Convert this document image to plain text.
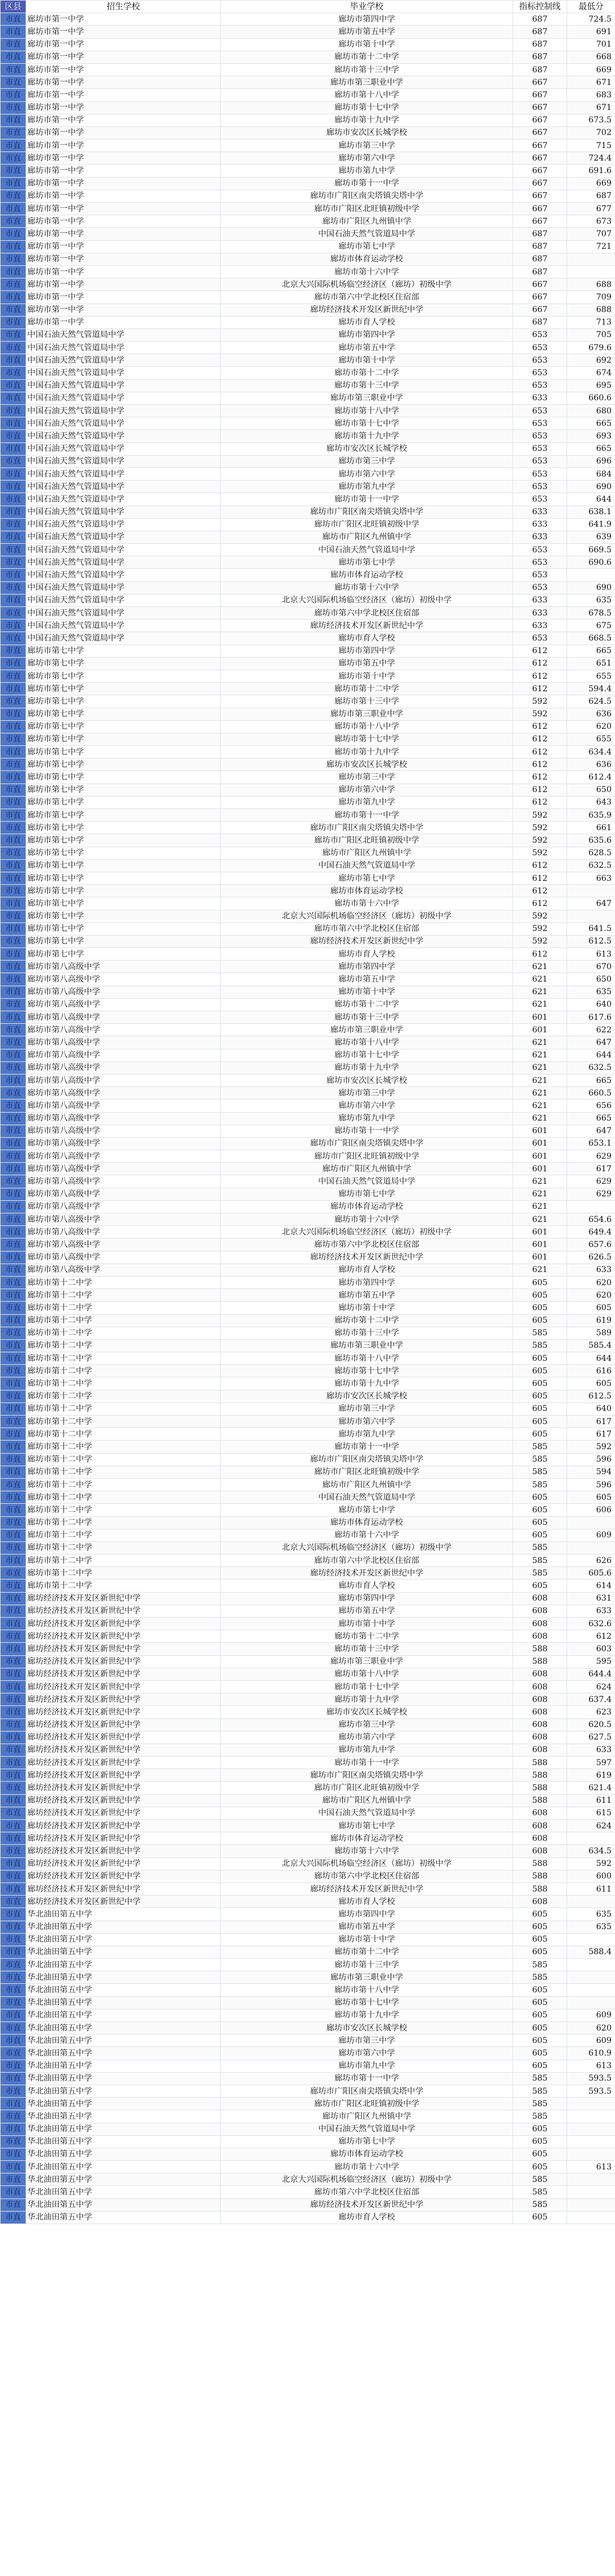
区县	招生学校	毕业学校	指标控制线	最低分
市直	廊坊市第一中学	廊坊市第四中学	687	724.5
市直	廊坊市第一中学	廊坊市第五中学	687	691
市直	廊坊市第一中学	廊坊市第十中学	687	701
市直	廊坊市第一中学	廊坊市第十二中学	687	668
市直	廊坊市第一中学	廊坊市第十三中学	687	669
市直	廊坊市第一中学	廊坊市第三职业中学	667	671
市直	廊坊市第一中学	廊坊市第十八中学	667	683
市直	廊坊市第一中学	廊坊市第十七中学	667	671
市直	廊坊市第一中学	廊坊市第十九中学	667	673.5
市直	廊坊市第一中学	廊坊市安次区长城学校	667	702
市直	廊坊市第一中学	廊坊市第三中学	667	715
市直	廊坊市第一中学	廊坊市第六中学	667	724.4
市直	廊坊市第一中学	廊坊市第九中学	667	691.6
市直	廊坊市第一中学	廊坊市第十一中学	667	669
市直	廊坊市第一中学	廊坊市广阳区南尖塔镇尖塔中学	667	687
市直	廊坊市第一中学	廊坊市广阳区北旺镇初级中学	667	677
市直	廊坊市第一中学	廊坊市广阳区九州镇中学	667	673
市直	廊坊市第一中学	中国石油天然气管道局中学	687	707
市直	廊坊市第一中学	廊坊市第七中学	687	721
市直	廊坊市第一中学	廊坊市体育运动学校	687	
市直	廊坊市第一中学	廊坊市第十六中学	687	
市直	廊坊市第一中学	北京大兴国际机场临空经济区（廊坊）初级中学	667	688
市直	廊坊市第一中学	廊坊市第六中学北校区住宿部	667	709
市直	廊坊市第一中学	廊坊经济技术开发区新世纪中学	667	688
市直	廊坊市第一中学	廊坊市育人学校	687	713
市直	中国石油天然气管道局中学	廊坊市第四中学	653	705
市直	中国石油天然气管道局中学	廊坊市第五中学	653	679.6
市直	中国石油天然气管道局中学	廊坊市第十中学	653	692
市直	中国石油天然气管道局中学	廊坊市第十二中学	653	674
市直	中国石油天然气管道局中学	廊坊市第十三中学	653	695
市直	中国石油天然气管道局中学	廊坊市第三职业中学	633	660.6
市直	中国石油天然气管道局中学	廊坊市第十八中学	653	680
市直	中国石油天然气管道局中学	廊坊市第十七中学	653	665
市直	中国石油天然气管道局中学	廊坊市第十九中学	653	693
市直	中国石油天然气管道局中学	廊坊市安次区长城学校	653	665
市直	中国石油天然气管道局中学	廊坊市第三中学	653	696
市直	中国石油天然气管道局中学	廊坊市第六中学	653	684
市直	中国石油天然气管道局中学	廊坊市第九中学	653	690
市直	中国石油天然气管道局中学	廊坊市第十一中学	653	644
市直	中国石油天然气管道局中学	廊坊市广阳区南尖塔镇尖塔中学	633	638.1
市直	中国石油天然气管道局中学	廊坊市广阳区北旺镇初级中学	633	641.9
市直	中国石油天然气管道局中学	廊坊市广阳区九州镇中学	633	639
市直	中国石油天然气管道局中学	中国石油天然气管道局中学	653	669.5
市直	中国石油天然气管道局中学	廊坊市第七中学	653	690.6
市直	中国石油天然气管道局中学	廊坊市体育运动学校	653	
市直	中国石油天然气管道局中学	廊坊市第十六中学	653	690
市直	中国石油天然气管道局中学	北京大兴国际机场临空经济区（廊坊）初级中学	633	635
市直	中国石油天然气管道局中学	廊坊市第六中学北校区住宿部	633	678.5
市直	中国石油天然气管道局中学	廊坊经济技术开发区新世纪中学	633	675
市直	中国石油天然气管道局中学	廊坊市育人学校	653	668.5
市直	廊坊市第七中学	廊坊市第四中学	612	665
市直	廊坊市第七中学	廊坊市第五中学	612	651
市直	廊坊市第七中学	廊坊市第十中学	612	655
市直	廊坊市第七中学	廊坊市第十二中学	612	594.4
市直	廊坊市第七中学	廊坊市第十三中学	592	624.5
市直	廊坊市第七中学	廊坊市第三职业中学	592	636
市直	廊坊市第七中学	廊坊市第十八中学	612	620
市直	廊坊市第七中学	廊坊市第十七中学	612	655
市直	廊坊市第七中学	廊坊市第十九中学	612	634.4
市直	廊坊市第七中学	廊坊市安次区长城学校	612	636
市直	廊坊市第七中学	廊坊市第三中学	612	612.4
市直	廊坊市第七中学	廊坊市第六中学	612	650
市直	廊坊市第七中学	廊坊市第九中学	612	643
市直	廊坊市第七中学	廊坊市第十一中学	592	635.9
市直	廊坊市第七中学	廊坊市广阳区南尖塔镇尖塔中学	592	661
市直	廊坊市第七中学	廊坊市广阳区北旺镇初级中学	592	635.6
市直	廊坊市第七中学	廊坊市广阳区九州镇中学	592	628.5
市直	廊坊市第七中学	中国石油天然气管道局中学	612	632.5
市直	廊坊市第七中学	廊坊市第七中学	612	663
市直	廊坊市第七中学	廊坊市体育运动学校	612	
市直	廊坊市第七中学	廊坊市第十六中学	612	647
市直	廊坊市第七中学	北京大兴国际机场临空经济区（廊坊）初级中学	592	
市直	廊坊市第七中学	廊坊市第六中学北校区住宿部	592	641.5
市直	廊坊市第七中学	廊坊经济技术开发区新世纪中学	592	612.5
市直	廊坊市第七中学	廊坊市育人学校	612	613
市直	廊坊市第八高级中学	廊坊市第四中学	621	670
市直	廊坊市第八高级中学	廊坊市第五中学	621	650
市直	廊坊市第八高级中学	廊坊市第十中学	621	635
市直	廊坊市第八高级中学	廊坊市第十二中学	621	640
市直	廊坊市第八高级中学	廊坊市第十三中学	601	617.6
市直	廊坊市第八高级中学	廊坊市第三职业中学	601	622
市直	廊坊市第八高级中学	廊坊市第十八中学	621	647
市直	廊坊市第八高级中学	廊坊市第十七中学	621	644
市直	廊坊市第八高级中学	廊坊市第十九中学	621	632.5
市直	廊坊市第八高级中学	廊坊市安次区长城学校	621	665
市直	廊坊市第八高级中学	廊坊市第三中学	621	660.5
市直	廊坊市第八高级中学	廊坊市第六中学	621	656
市直	廊坊市第八高级中学	廊坊市第九中学	621	665
市直	廊坊市第八高级中学	廊坊市第十一中学	601	647
市直	廊坊市第八高级中学	廊坊市广阳区南尖塔镇尖塔中学	601	653.1
市直	廊坊市第八高级中学	廊坊市广阳区北旺镇初级中学	601	629
市直	廊坊市第八高级中学	廊坊市广阳区九州镇中学	601	617
市直	廊坊市第八高级中学	中国石油天然气管道局中学	621	629
市直	廊坊市第八高级中学	廊坊市第七中学	621	629
市直	廊坊市第八高级中学	廊坊市体育运动学校	621	
市直	廊坊市第八高级中学	廊坊市第十六中学	621	654.6
市直	廊坊市第八高级中学	北京大兴国际机场临空经济区（廊坊）初级中学	601	649.4
市直	廊坊市第八高级中学	廊坊市第六中学北校区住宿部	601	657.6
市直	廊坊市第八高级中学	廊坊经济技术开发区新世纪中学	601	626.5
市直	廊坊市第八高级中学	廊坊市育人学校	621	633
市直	廊坊市第十二中学	廊坊市第四中学	605	620
市直	廊坊市第十二中学	廊坊市第五中学	605	620
市直	廊坊市第十二中学	廊坊市第十中学	605	605
市直	廊坊市第十二中学	廊坊市第十二中学	605	619
市直	廊坊市第十二中学	廊坊市第十三中学	585	589
市直	廊坊市第十二中学	廊坊市第三职业中学	585	585.4
市直	廊坊市第十二中学	廊坊市第十八中学	605	644
市直	廊坊市第十二中学	廊坊市第十七中学	605	616
市直	廊坊市第十二中学	廊坊市第十九中学	605	605
市直	廊坊市第十二中学	廊坊市安次区长城学校	605	612.5
市直	廊坊市第十二中学	廊坊市第三中学	605	640
市直	廊坊市第十二中学	廊坊市第六中学	605	617
市直	廊坊市第十二中学	廊坊市第九中学	605	617
市直	廊坊市第十二中学	廊坊市第十一中学	585	592
市直	廊坊市第十二中学	廊坊市广阳区南尖塔镇尖塔中学	585	596
市直	廊坊市第十二中学	廊坊市广阳区北旺镇初级中学	585	594
市直	廊坊市第十二中学	廊坊市广阳区九州镇中学	585	596
市直	廊坊市第十二中学	中国石油天然气管道局中学	605	605
市直	廊坊市第十二中学	廊坊市第七中学	605	606
市直	廊坊市第十二中学	廊坊市体育运动学校	605	
市直	廊坊市第十二中学	廊坊市第十六中学	605	609
市直	廊坊市第十二中学	北京大兴国际机场临空经济区（廊坊）初级中学	585	
市直	廊坊市第十二中学	廊坊市第六中学北校区住宿部	585	626
市直	廊坊市第十二中学	廊坊经济技术开发区新世纪中学	585	605.6
市直	廊坊市第十二中学	廊坊市育人学校	605	614
市直	廊坊经济技术开发区新世纪中学	廊坊市第四中学	608	631
市直	廊坊经济技术开发区新世纪中学	廊坊市第五中学	608	633
市直	廊坊经济技术开发区新世纪中学	廊坊市第十中学	608	632.6
市直	廊坊经济技术开发区新世纪中学	廊坊市第十二中学	608	612
市直	廊坊经济技术开发区新世纪中学	廊坊市第十三中学	588	603
市直	廊坊经济技术开发区新世纪中学	廊坊市第三职业中学	588	595
市直	廊坊经济技术开发区新世纪中学	廊坊市第十八中学	608	644.4
市直	廊坊经济技术开发区新世纪中学	廊坊市第十七中学	608	624
市直	廊坊经济技术开发区新世纪中学	廊坊市第十九中学	608	637.4
市直	廊坊经济技术开发区新世纪中学	廊坊市安次区长城学校	608	623
市直	廊坊经济技术开发区新世纪中学	廊坊市第三中学	608	620.5
市直	廊坊经济技术开发区新世纪中学	廊坊市第六中学	608	627.5
市直	廊坊经济技术开发区新世纪中学	廊坊市第九中学	608	633
市直	廊坊经济技术开发区新世纪中学	廊坊市第十一中学	588	597
市直	廊坊经济技术开发区新世纪中学	廊坊市广阳区南尖塔镇尖塔中学	588	619
市直	廊坊经济技术开发区新世纪中学	廊坊市广阳区北旺镇初级中学	588	621.4
市直	廊坊经济技术开发区新世纪中学	廊坊市广阳区九州镇中学	588	611
市直	廊坊经济技术开发区新世纪中学	中国石油天然气管道局中学	608	615
市直	廊坊经济技术开发区新世纪中学	廊坊市第七中学	608	624
市直	廊坊经济技术开发区新世纪中学	廊坊市体育运动学校	608	
市直	廊坊经济技术开发区新世纪中学	廊坊市第十六中学	608	634.5
市直	廊坊经济技术开发区新世纪中学	北京大兴国际机场临空经济区（廊坊）初级中学	588	592
市直	廊坊经济技术开发区新世纪中学	廊坊市第六中学北校区住宿部	588	600
市直	廊坊经济技术开发区新世纪中学	廊坊经济技术开发区新世纪中学	588	611
市直	廊坊经济技术开发区新世纪中学	廊坊市育人学校	608	
市直	华北油田第五中学	廊坊市第四中学	605	635
市直	华北油田第五中学	廊坊市第五中学	605	635
市直	华北油田第五中学	廊坊市第十中学	605	
市直	华北油田第五中学	廊坊市第十二中学	605	588.4
市直	华北油田第五中学	廊坊市第十三中学	585	
市直	华北油田第五中学	廊坊市第三职业中学	585	
市直	华北油田第五中学	廊坊市第十八中学	605	
市直	华北油田第五中学	廊坊市第十七中学	605	
市直	华北油田第五中学	廊坊市第十九中学	605	609
市直	华北油田第五中学	廊坊市安次区长城学校	605	620
市直	华北油田第五中学	廊坊市第三中学	605	609
市直	华北油田第五中学	廊坊市第六中学	605	610.9
市直	华北油田第五中学	廊坊市第九中学	605	613
市直	华北油田第五中学	廊坊市第十一中学	585	593.5
市直	华北油田第五中学	廊坊市广阳区南尖塔镇尖塔中学	585	593.5
市直	华北油田第五中学	廊坊市广阳区北旺镇初级中学	585	
市直	华北油田第五中学	廊坊市广阳区九州镇中学	585	
市直	华北油田第五中学	中国石油天然气管道局中学	605	
市直	华北油田第五中学	廊坊市第七中学	605	
市直	华北油田第五中学	廊坊市体育运动学校	605	
市直	华北油田第五中学	廊坊市第十六中学	605	613
市直	华北油田第五中学	北京大兴国际机场临空经济区（廊坊）初级中学	585	
市直	华北油田第五中学	廊坊市第六中学北校区住宿部	585	
市直	华北油田第五中学	廊坊经济技术开发区新世纪中学	585	
市直	华北油田第五中学	廊坊市育人学校	605	
